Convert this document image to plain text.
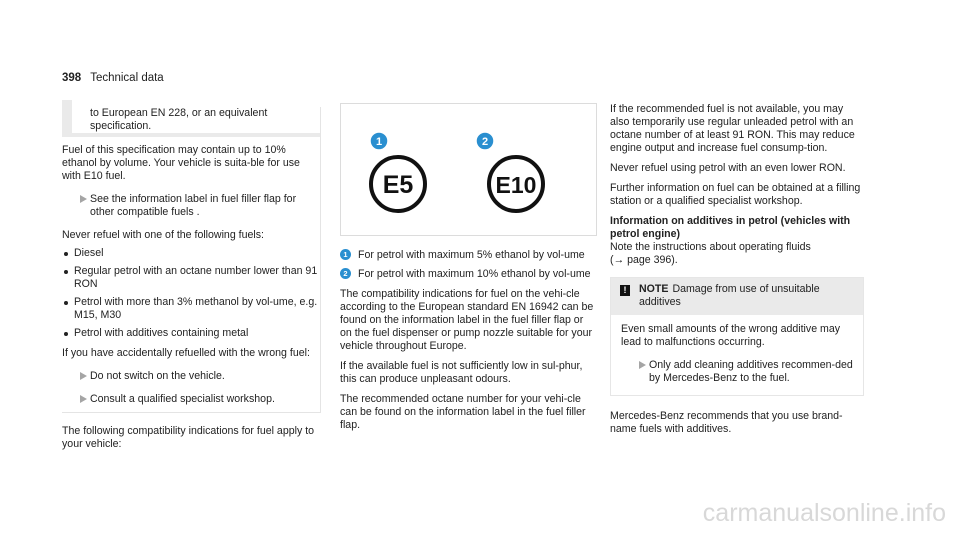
398 Technical data

to European EN 228, or an equivalent specification.

Fuel of this specification may contain up to 10% ethanol by volume. Your vehicle is suita-ble for use with E10 fuel.

See the information label in fuel filler flap for other compatible fuels .

Never refuel with one of the following fuels:

Diesel
Regular petrol with an octane number lower than 91 RON
Petrol with more than 3% methanol by vol-ume, e.g. M15, M30
Petrol with additives containing metal

If you have accidentally refuelled with the wrong fuel:

Do not switch on the vehicle.

Consult a qualified specialist workshop.

The following compatibility indications for fuel apply to your vehicle:

E5	E10
1	2
1 For petrol with maximum 5% ethanol by vol-ume

2 For petrol with maximum 10% ethanol by vol-ume

The compatibility indications for fuel on the vehi-cle according to the European standard EN 16942 can be found on the information label in the fuel filler flap or on the fuel dispenser or pump nozzle suitable for your vehicle throughout Europe.

If the available fuel is not sufficiently low in sul-phur, this can produce unpleasant odours.

The recommended octane number for your vehi-cle can be found on the information label in the fuel filler flap.

If the recommended fuel is not available, you may also temporarily use regular unleaded petrol with an octane number of at least 91 RON. This may reduce engine output and increase fuel consump-tion.

Never refuel using petrol with an even lower RON.

Further information on fuel can be obtained at a filling station or a qualified specialist workshop.

Information on additives in petrol (vehicles with petrol engine)

Note the instructions about operating fluids
(→ page 396).

!	NOTE Damage from use of unsuitable additives

Even small amounts of the wrong additive may lead to malfunctions occurring.

Only add cleaning additives recommen-ded by Mercedes-Benz to the fuel.

Mercedes-Benz recommends that you use brand-name fuels with additives.

carmanualsonline.info
